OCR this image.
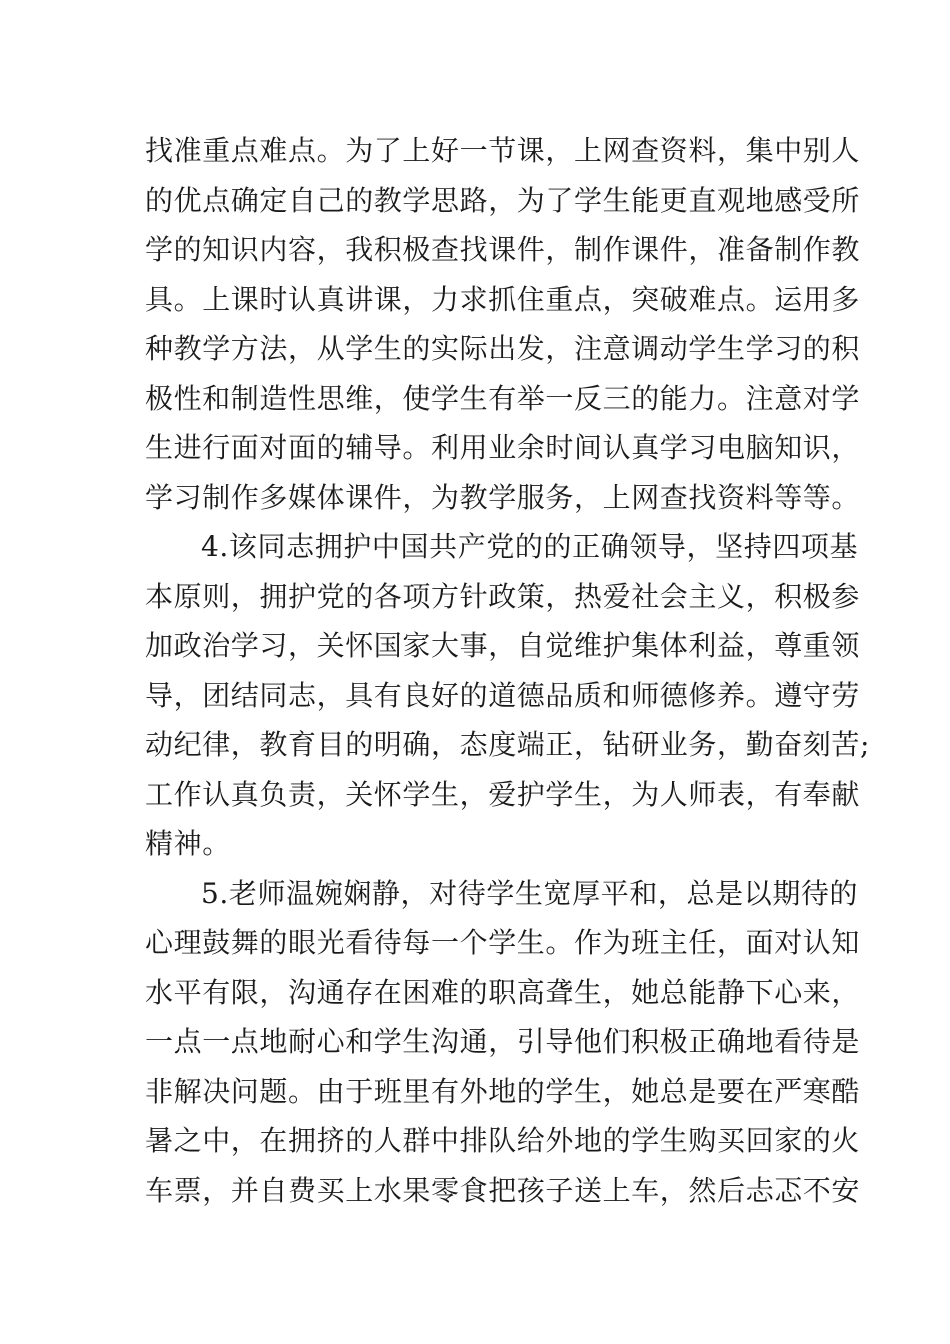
找准重点难点。为了上好一节课，上网查资料，集中别人
的优点确定自己的教学思路，为了学生能更直观地感受所
学的知识内容，我积极查找课件，制作课件，准备制作教
具。上课时认真讲课，力求抓住重点，突破难点。运用多
种教学方法，从学生的实际出发，注意调动学生学习的积
极性和制造性思维，使学生有举一反三的能力。注意对学
生进行面对面的辅导。利用业余时间认真学习电脑知识，
学习制作多媒体课件，为教学服务，上网查找资料等等。
4.该同志拥护中国共产党的的正确领导，坚持四项基
本原则，拥护党的各项方针政策，热爱社会主义，积极参
加政治学习，关怀国家大事，自觉维护集体利益，尊重领
导，团结同志，具有良好的道德品质和师德修养。遵守劳
动纪律，教育目的明确，态度端正，钻研业务，勤奋刻苦;
工作认真负责，关怀学生，爱护学生，为人师表，有奉献
精神。
5.老师温婉娴静，对待学生宽厚平和，总是以期待的
心理鼓舞的眼光看待每一个学生。作为班主任，面对认知
水平有限，沟通存在困难的职高聋生，她总能静下心来，
一点一点地耐心和学生沟通，引导他们积极正确地看待是
非解决问题。由于班里有外地的学生，她总是要在严寒酷
暑之中，在拥挤的人群中排队给外地的学生购买回家的火
车票，并自费买上水果零食把孩子送上车，然后忐忑不安
